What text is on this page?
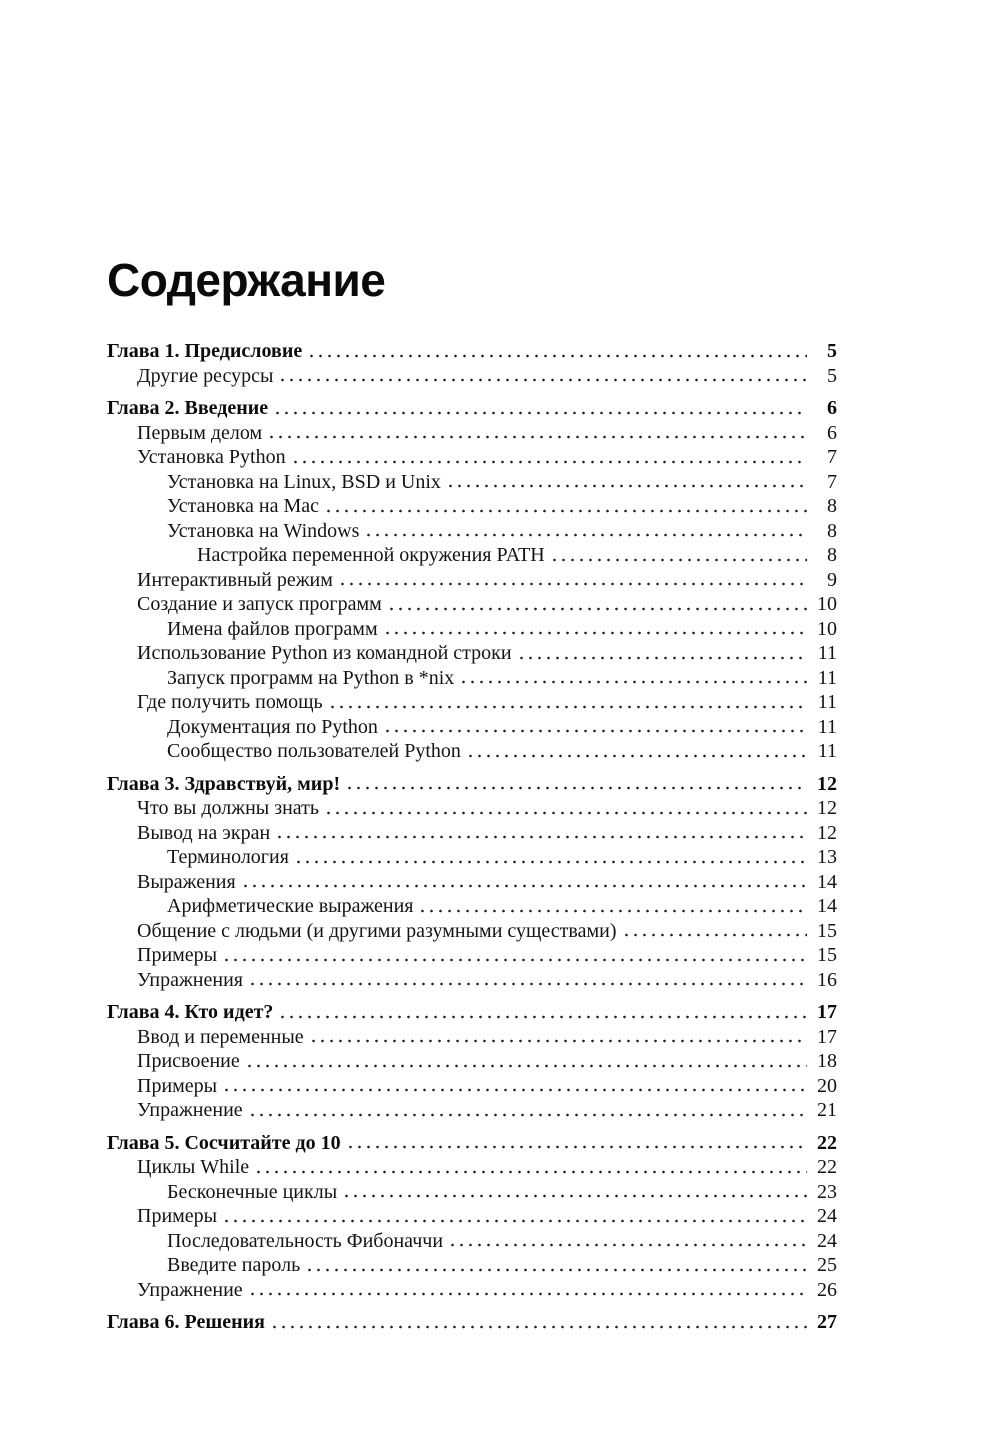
Содержание
Глава 1. Предисловие	5
Другие ресурсы	5
Глава 2. Введение	6
Первым делом	6
Установка Python	7
Установка на Linux, BSD и Unix	7
Установка на Mac	8
Установка на Windows	8
Настройка переменной окружения PATH	8
Интерактивный режим	9
Создание и запуск программ	10
Имена файлов программ	10
Использование Python из командной строки	11
Запуск программ на Python в *nix	11
Где получить помощь	11
Документация по Python	11
Сообщество пользователей Python	11
Глава 3. Здравствуй, мир!	12
Что вы должны знать	12
Вывод на экран	12
Терминология	13
Выражения	14
Арифметические выражения	14
Общение с людьми (и другими разумными существами)	15
Примеры	15
Упражнения	16
Глава 4. Кто идет?	17
Ввод и переменные	17
Присвоение	18
Примеры	20
Упражнение	21
Глава 5. Сосчитайте до 10	22
Циклы While	22
Бесконечные циклы	23
Примеры	24
Последовательность Фибоначчи	24
Введите пароль	25
Упражнение	26
Глава 6. Решения	27
